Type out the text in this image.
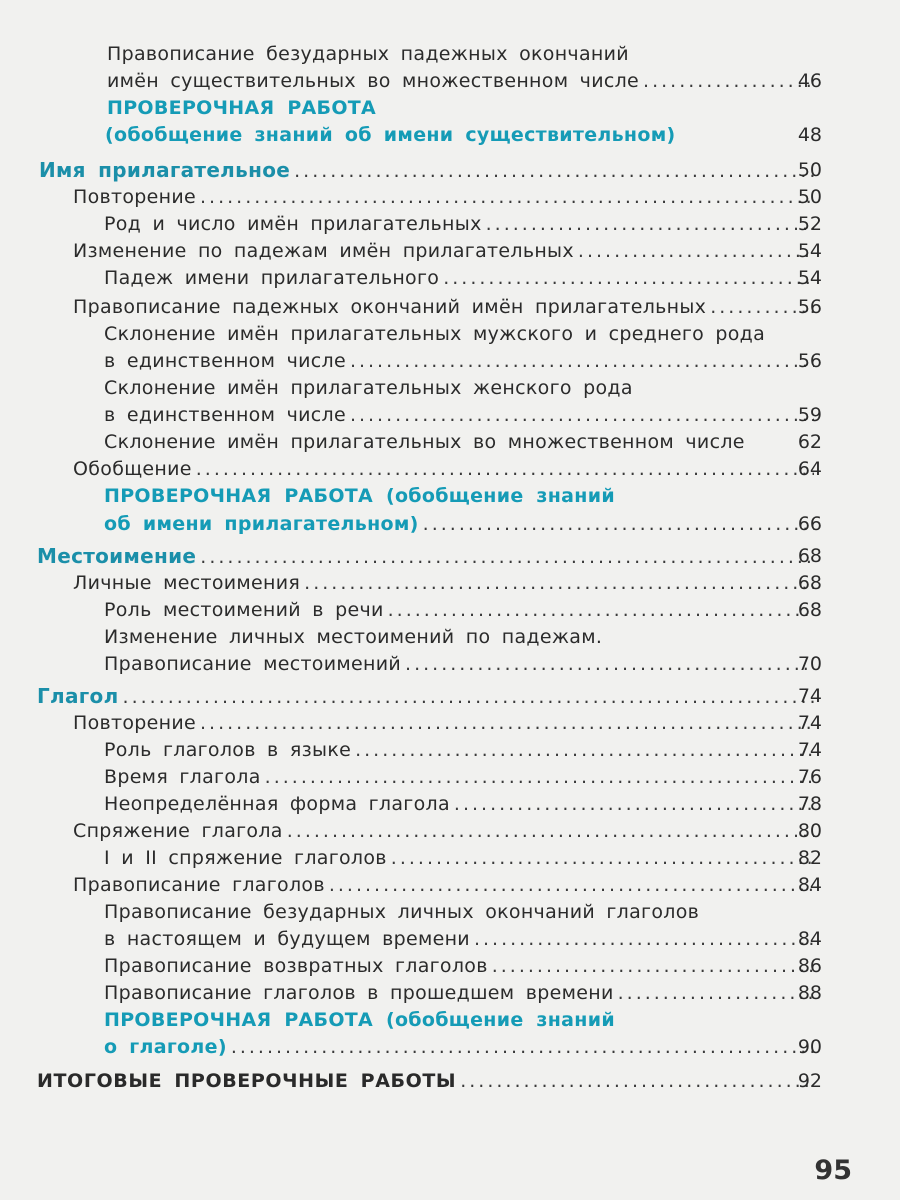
Правописание безударных падежных окончаний
имён существительных во множественном числе .....	46
ПРОВЕРОЧНАЯ РАБОТА
(обобщение знаний об имени существительном)	48
Имя прилагательное .....	50
Повторение .....	50
Род и число имён прилагательных .....	52
Изменение по падежам имён прилагательных .....	54
Падеж имени прилагательного .....	54
Правописание падежных окончаний имён прилагательных .....	56
Склонение имён прилагательных мужского и среднего рода
в единственном числе .....	56
Склонение имён прилагательных женского рода
в единственном числе .....	59
Склонение имён прилагательных во множественном числе	62
Обобщение .....	64
ПРОВЕРОЧНАЯ РАБОТА (обобщение знаний
об имени прилагательном) .....	66
Местоимение .....	68
Личные местоимения .....	68
Роль местоимений в речи .....	68
Изменение личных местоимений по падежам.
Правописание местоимений .....	70
Глагол .....	74
Повторение .....	74
Роль глаголов в языке .....	74
Время глагола .....	76
Неопределённая форма глагола .....	78
Спряжение глагола .....	80
I и II спряжение глаголов .....	82
Правописание глаголов .....	84
Правописание безударных личных окончаний глаголов
в настоящем и будущем времени .....	84
Правописание возвратных глаголов .....	86
Правописание глаголов в прошедшем времени .....	88
ПРОВЕРОЧНАЯ РАБОТА (обобщение знаний
о глаголе) .....	90
ИТОГОВЫЕ ПРОВЕРОЧНЫЕ РАБОТЫ .....	92
95
